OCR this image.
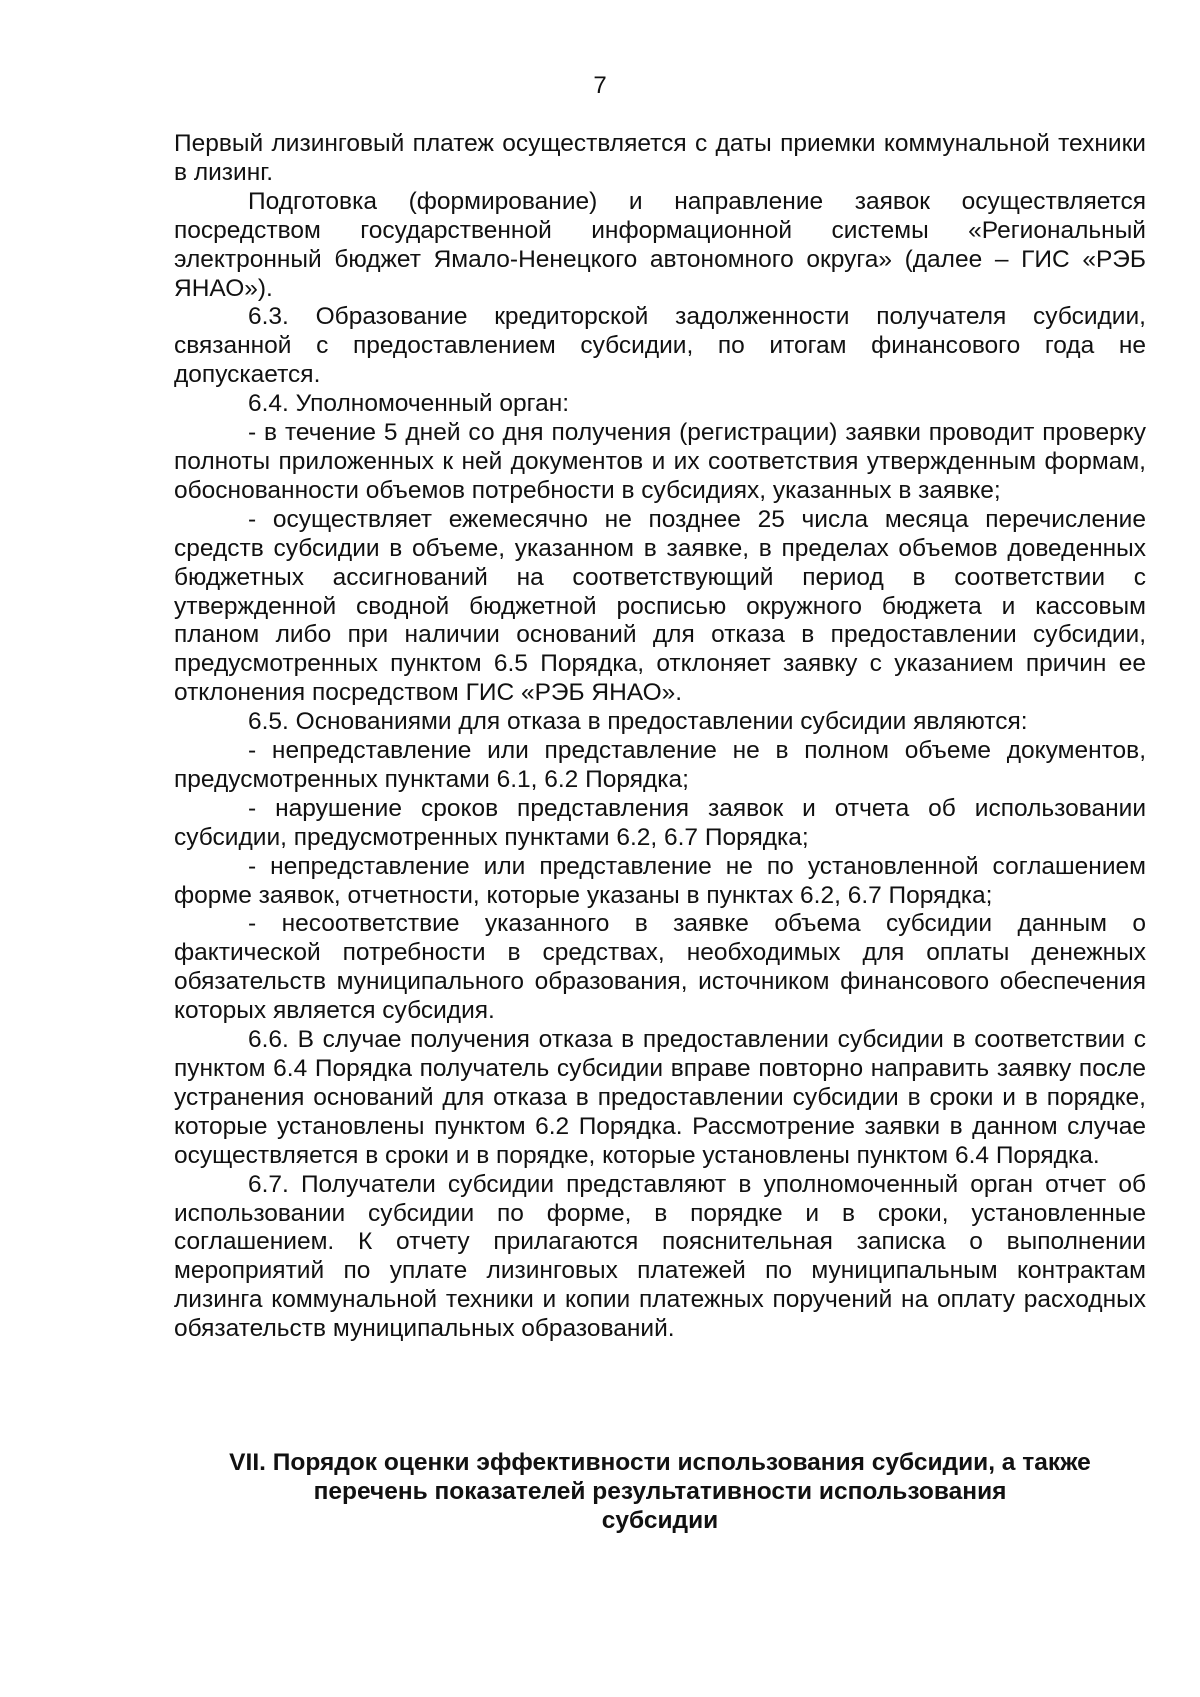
7

Первый лизинговый платеж осуществляется с даты приемки коммунальной техники в лизинг.

Подготовка (формирование) и направление заявок осуществляется посредством государственной информационной системы «Региональный электронный бюджет Ямало-Ненецкого автономного округа» (далее – ГИС «РЭБ ЯНАО»).

6.3. Образование кредиторской задолженности получателя субсидии, связанной с предоставлением субсидии, по итогам финансового года не допускается.

6.4. Уполномоченный орган:

- в течение 5 дней со дня получения (регистрации) заявки проводит проверку полноты приложенных к ней документов и их соответствия утвержденным формам, обоснованности объемов потребности в субсидиях, указанных в заявке;

- осуществляет ежемесячно не позднее 25 числа месяца перечисление средств субсидии в объеме, указанном в заявке, в пределах объемов доведенных бюджетных ассигнований на соответствующий период в соответствии с утвержденной сводной бюджетной росписью окружного бюджета и кассовым планом либо при наличии оснований для отказа в предоставлении субсидии, предусмотренных пунктом 6.5 Порядка, отклоняет заявку с указанием причин ее отклонения посредством ГИС «РЭБ ЯНАО».

6.5. Основаниями для отказа в предоставлении субсидии являются:

- непредставление или представление не в полном объеме документов, предусмотренных пунктами 6.1, 6.2 Порядка;

- нарушение сроков представления заявок и отчета об использовании субсидии, предусмотренных пунктами 6.2, 6.7 Порядка;

- непредставление или представление не по установленной соглашением форме заявок, отчетности, которые указаны в пунктах 6.2, 6.7 Порядка;

- несоответствие указанного в заявке объема субсидии данным о фактической потребности в средствах, необходимых для оплаты денежных обязательств муниципального образования, источником финансового обеспечения которых является субсидия.

6.6. В случае получения отказа в предоставлении субсидии в соответствии с пунктом 6.4 Порядка получатель субсидии вправе повторно направить заявку после устранения оснований для отказа в предоставлении субсидии в сроки и в порядке, которые установлены пунктом 6.2 Порядка. Рассмотрение заявки в данном случае осуществляется в сроки и в порядке, которые установлены пунктом 6.4 Порядка.

6.7. Получатели субсидии представляют в уполномоченный орган отчет об использовании субсидии по форме, в порядке и в сроки, установленные соглашением. К отчету прилагаются пояснительная записка о выполнении мероприятий по уплате лизинговых платежей по муниципальным контрактам лизинга коммунальной техники и копии платежных поручений на оплату расходных обязательств муниципальных образований.

VII. Порядок оценки эффективности использования субсидии, а также
перечень показателей результативности использования
субсидии
